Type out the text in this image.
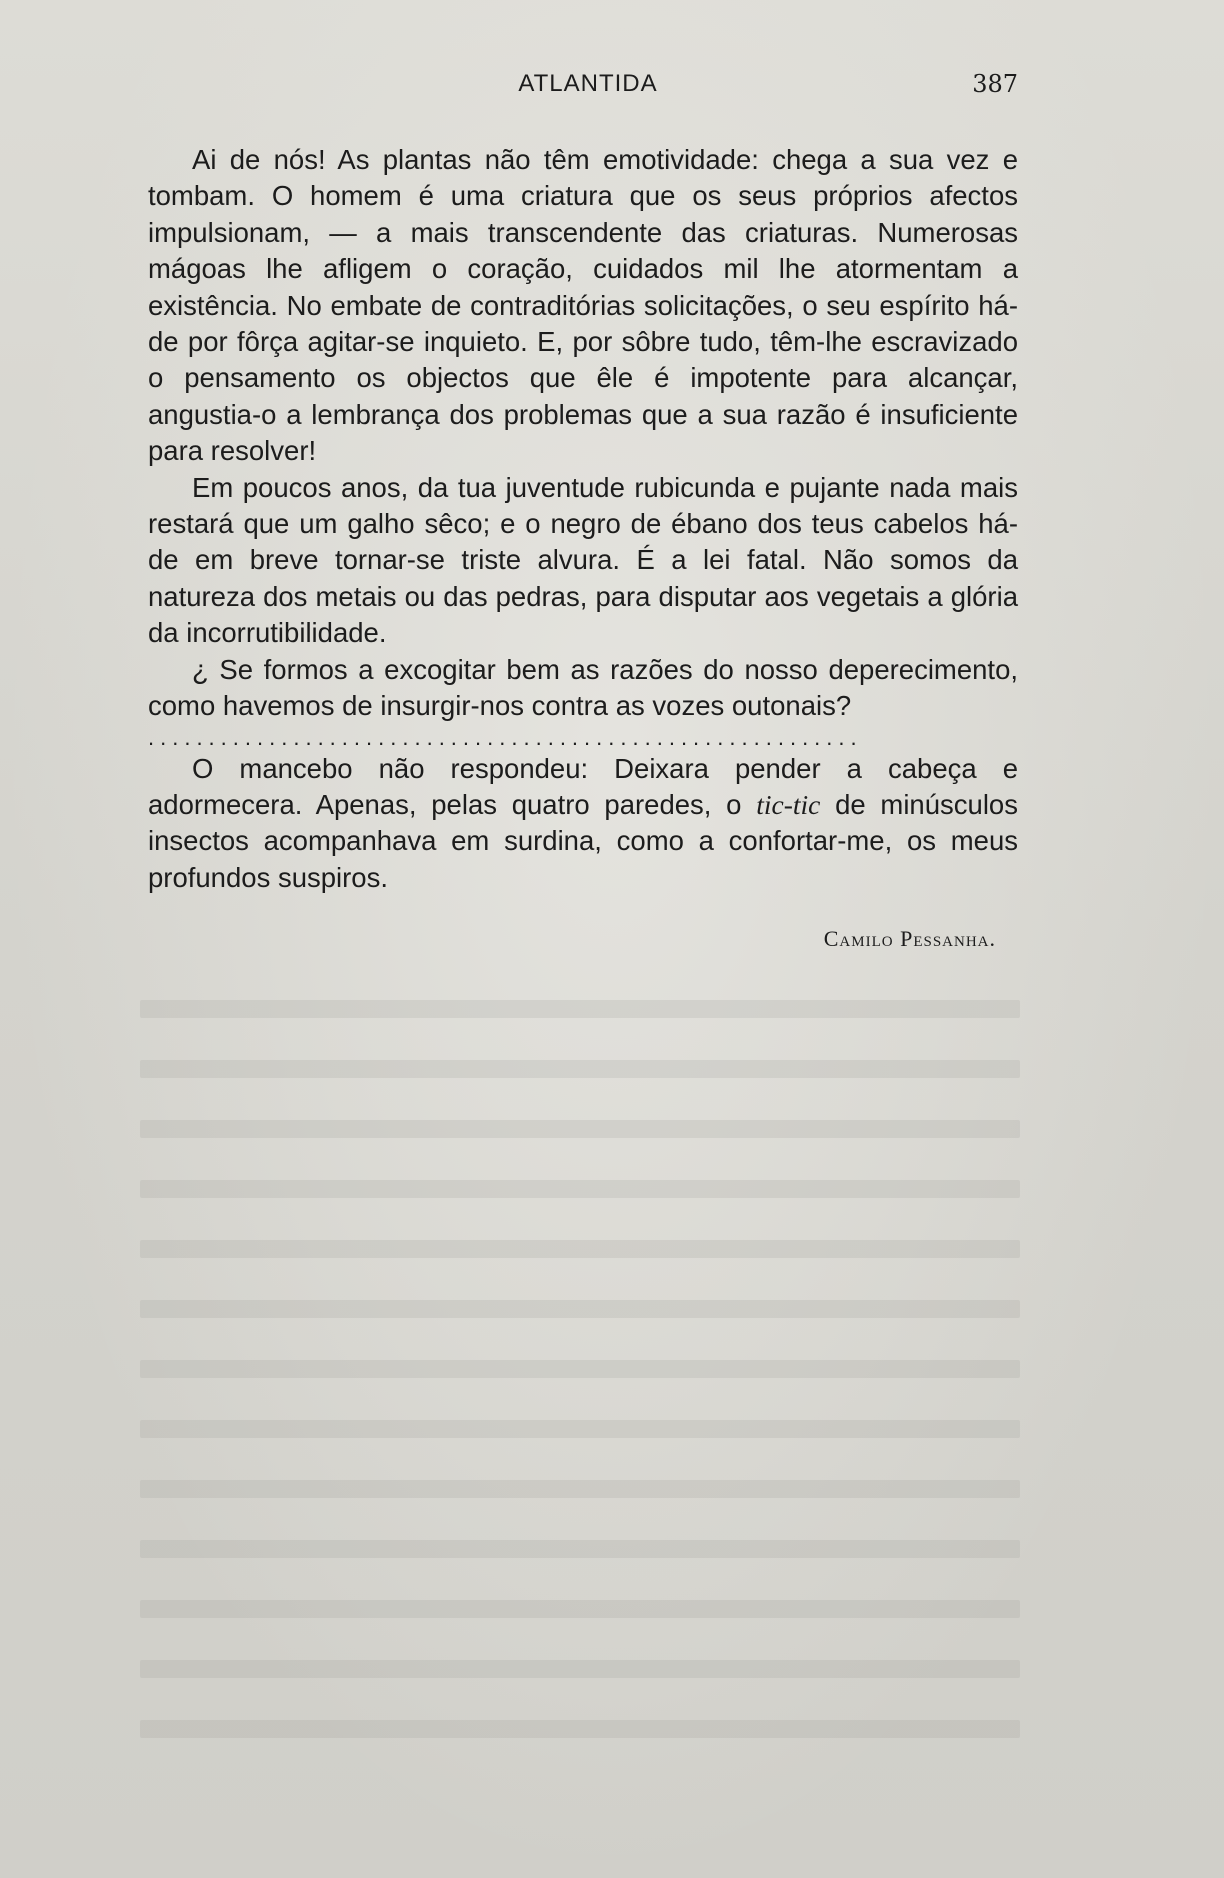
ATLANTIDA	387

Ai de nós! As plantas não têm emotividade: chega a sua vez e tombam. O homem é uma criatura que os seus próprios afectos impulsionam, — a mais transcendente das criaturas. Numerosas mágoas lhe afligem o coração, cuidados mil lhe atormentam a existência. No embate de contraditórias solicitações, o seu espírito há-de por fôrça agitar-se inquieto. E, por sôbre tudo, têm-lhe escravizado o pensamento os objectos que êle é impotente para alcançar, angustia-o a lembrança dos problemas que a sua razão é insuficiente para resolver!

Em poucos anos, da tua juventude rubicunda e pujante nada mais restará que um galho sêco; e o negro de ébano dos teus cabelos há-de em breve tornar-se triste alvura. É a lei fatal. Não somos da natureza dos metais ou das pedras, para disputar aos vegetais a glória da incorrutibilidade.

¿ Se formos a excogitar bem as razões do nosso deperecimento, como havemos de insurgir-nos contra as vozes outonais?

...........................................................

O mancebo não respondeu: Deixara pender a cabeça e adormecera. Apenas, pelas quatro paredes, o tic-tic de minúsculos insectos acompanhava em surdina, como a confortar-me, os meus profundos suspiros.

Camilo Pessanha.
